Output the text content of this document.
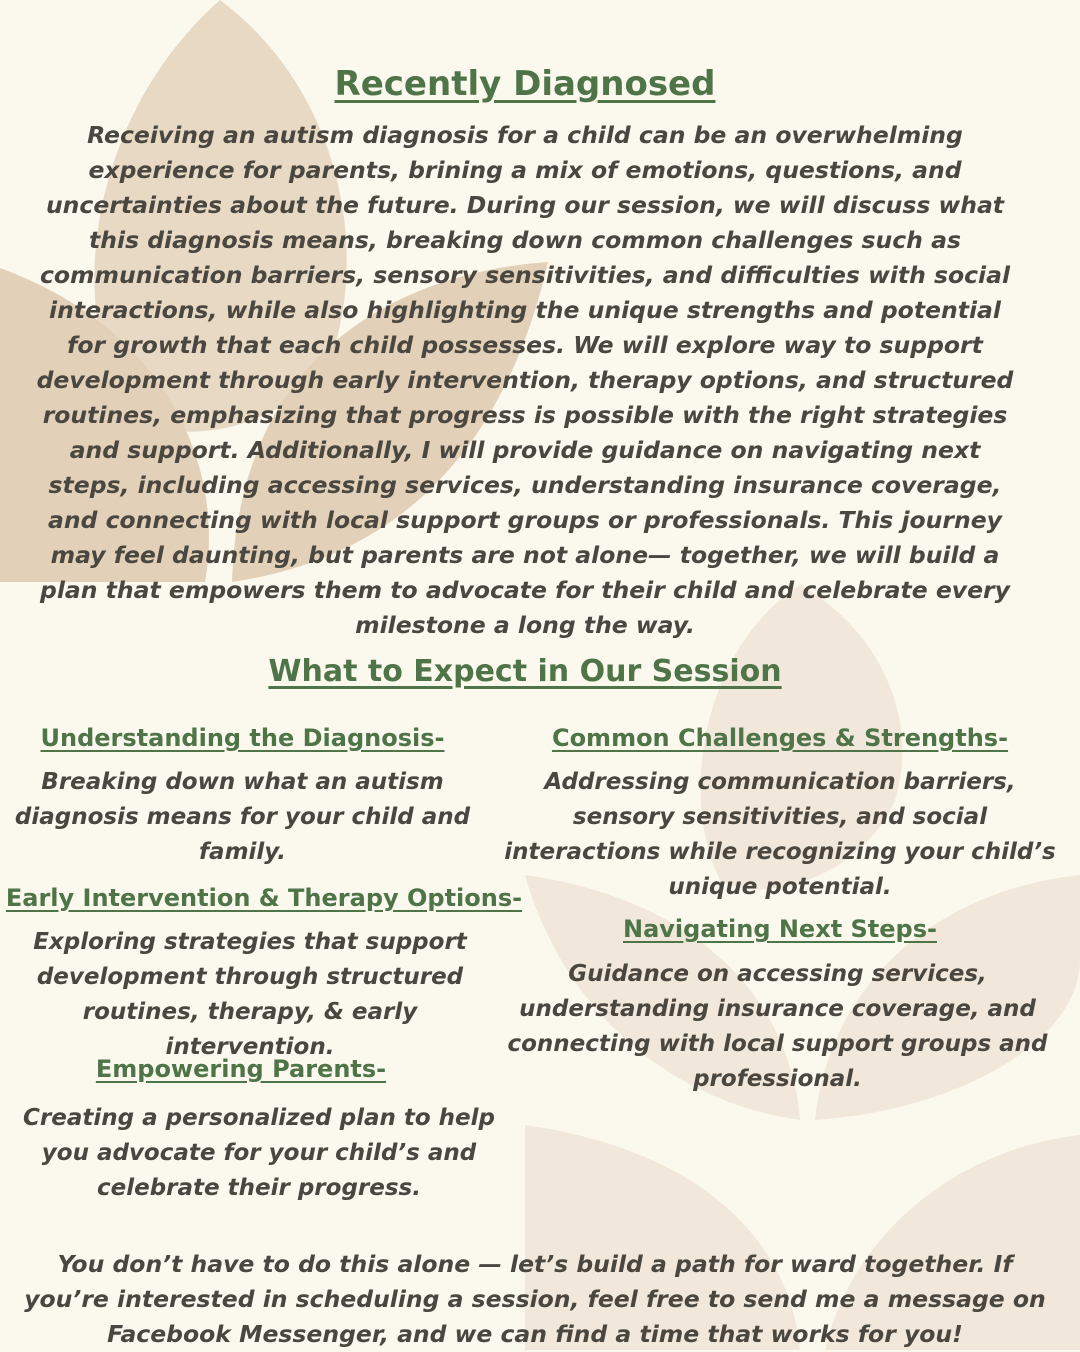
Recently Diagnosed

Receiving an autism diagnosis for a child can be an overwhelming experience for parents, brining a mix of emotions, questions, and uncertainties about the future. During our session, we will discuss what this diagnosis means, breaking down common challenges such as communication barriers, sensory sensitivities, and difficulties with social interactions, while also highlighting the unique strengths and potential for growth that each child possesses. We will explore way to support development through early intervention, therapy options, and structured routines, emphasizing that progress is possible with the right strategies and support. Additionally, I will provide guidance on navigating next steps, including accessing services, understanding insurance coverage, and connecting with local support groups or professionals. This journey may feel daunting, but parents are not alone— together, we will build a plan that empowers them to advocate for their child and celebrate every milestone a long the way.

What to Expect in Our Session
Understanding the Diagnosis-

Breaking down what an autism diagnosis means for your child and family.

Early Intervention & Therapy Options-

Exploring strategies that support development through structured routines, therapy, & early intervention.

Empowering Parents-

Creating a personalized plan to help you advocate for your child’s and celebrate their progress.

Common Challenges & Strengths-

Addressing communication barriers, sensory sensitivities, and social interactions while recognizing your child’s unique potential.

Navigating Next Steps-

Guidance on accessing services, understanding insurance coverage, and connecting with local support groups and professional.

You don’t have to do this alone — let’s build a path for ward together. If you’re interested in scheduling a session, feel free to send me a message on Facebook Messenger, and we can find a time that works for you!
